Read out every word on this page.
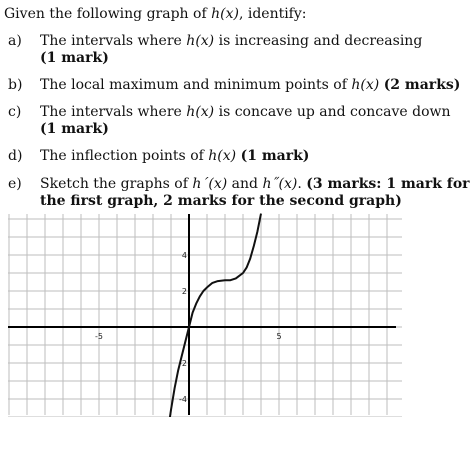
Given the following graph of h(x), identify:
a) The intervals where h(x) is increasing and decreasing
(1 mark)
b) The local maximum and minimum points of h(x) (2 marks)
c) The intervals where h(x) is concave up and concave down
(1 mark)
d) The inflection points of h(x) (1 mark)
e) Sketch the graphs of h´(x) and h˝(x). (3 marks: 1 mark for
the first graph, 2 marks for the second graph)
-5	5
4
2
-2
-4
